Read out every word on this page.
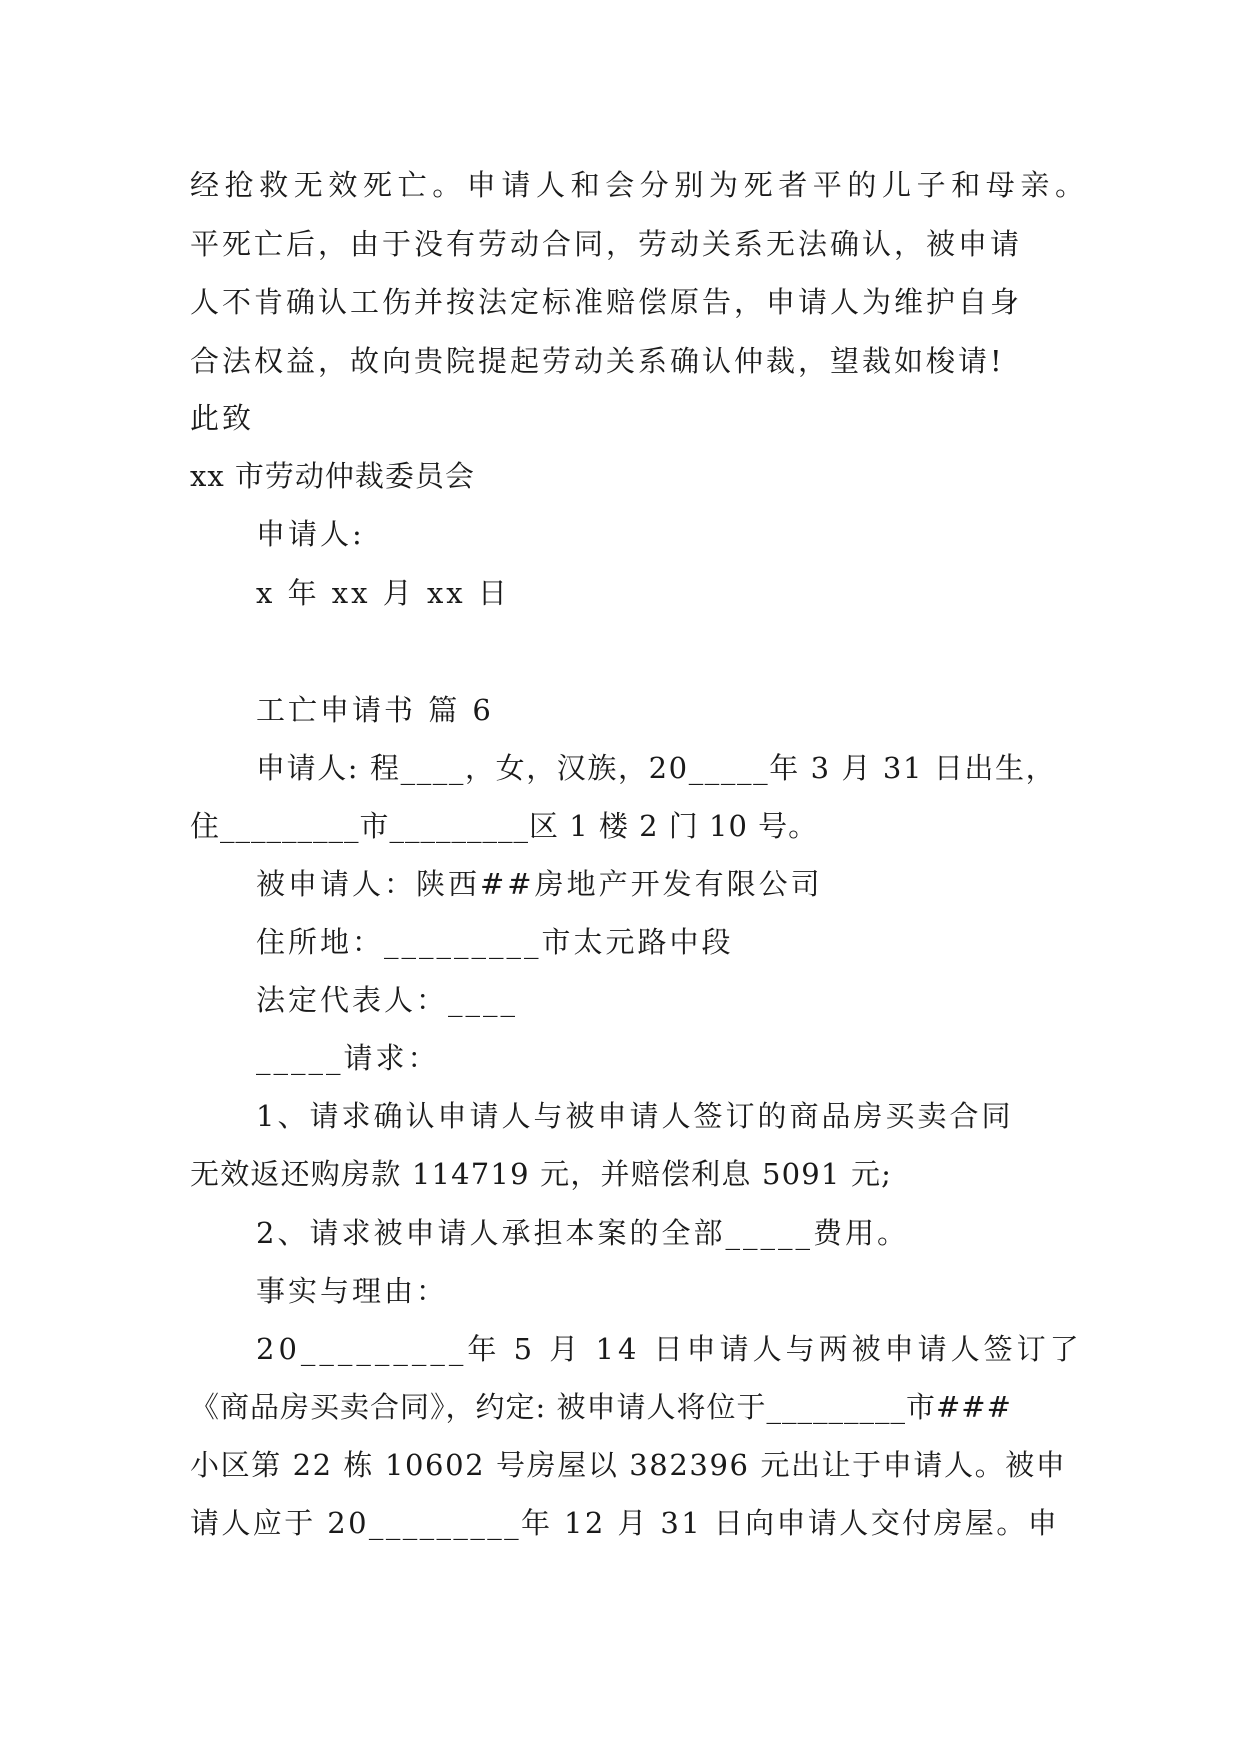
经抢救无效死亡。申请人和会分别为死者平的儿子和母亲。
平死亡后，由于没有劳动合同，劳动关系无法确认，被申请
人不肯确认工伤并按法定标准赔偿原告，申请人为维护自身
合法权益，故向贵院提起劳动关系确认仲裁，望裁如梭请!
此致
xx 市劳动仲裁委员会
申请人:
x 年 xx 月 xx 日
工亡申请书 篇 6
申请人: 程____，女，汉族，20_____年 3 月 31 日出生，
住_________市_________区 1 楼 2 门 10 号。
被申请人：陕西##房地产开发有限公司
住所地：_________市太元路中段
法定代表人：____
_____请求：
1、请求确认申请人与被申请人签订的商品房买卖合同
无效返还购房款 114719 元，并赔偿利息 5091 元;
2、请求被申请人承担本案的全部_____费用。
事实与理由：
20_________年 5 月 14 日申请人与两被申请人签订了
《商品房买卖合同》，约定: 被申请人将位于_________市###
小区第 22 栋 10602 号房屋以 382396 元出让于申请人。被申
请人应于 20_________年 12 月 31 日向申请人交付房屋。申
